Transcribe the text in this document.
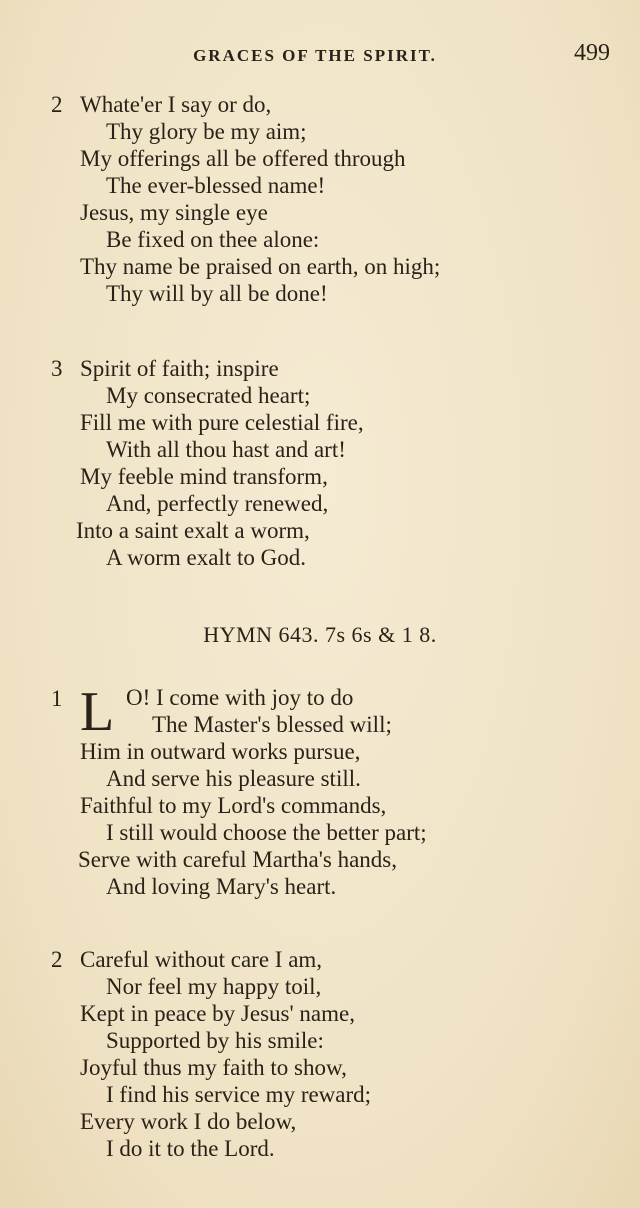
GRACES OF THE SPIRIT.	499
2 Whate'er I say or do,
Thy glory be my aim;
My offerings all be offered through
The ever-blessed name!
Jesus, my single eye
Be fixed on thee alone:
Thy name be praised on earth, on high;
Thy will by all be done!
3 Spirit of faith; inspire
My consecrated heart;
Fill me with pure celestial fire,
With all thou hast and art!
My feeble mind transform,
And, perfectly renewed,
Into a saint exalt a worm,
A worm exalt to God.
HYMN 643. 7s 6s & 1 8.
1 L O! I come with joy to do
The Master's blessed will;
Him in outward works pursue,
And serve his pleasure still.
Faithful to my Lord's commands,
I still would choose the better part;
Serve with careful Martha's hands,
And loving Mary's heart.
2 Careful without care I am,
Nor feel my happy toil,
Kept in peace by Jesus' name,
Supported by his smile:
Joyful thus my faith to show,
I find his service my reward;
Every work I do below,
I do it to the Lord.
